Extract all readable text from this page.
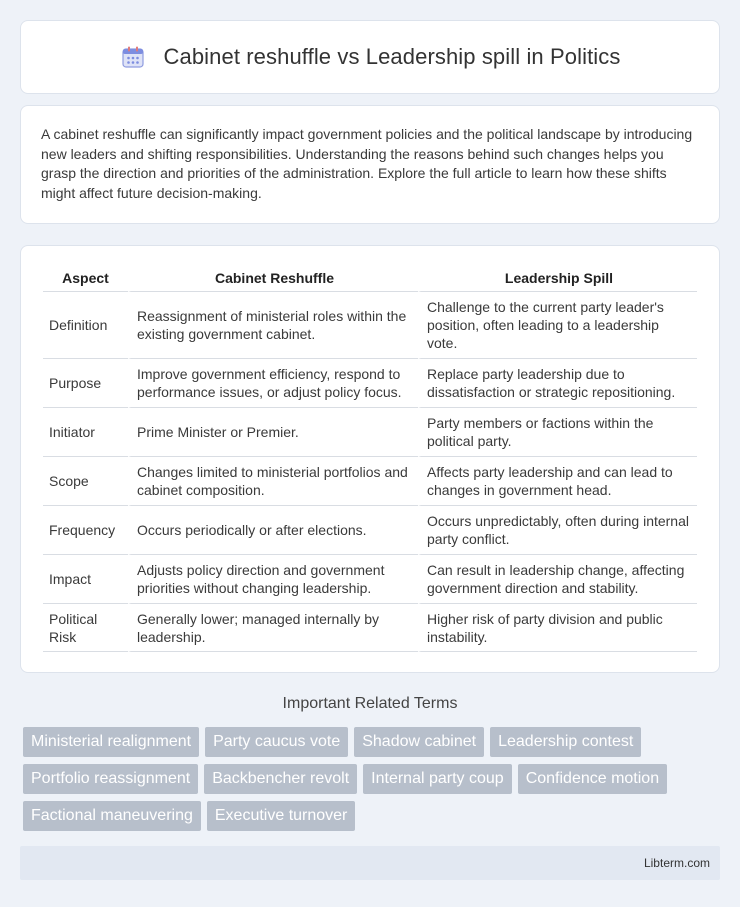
Cabinet reshuffle vs Leadership spill in Politics

A cabinet reshuffle can significantly impact government policies and the political landscape by introducing new leaders and shifting responsibilities. Understanding the reasons behind such changes helps you grasp the direction and priorities of the administration. Explore the full article to learn how these shifts might affect future decision-making.

Aspect	Cabinet Reshuffle	Leadership Spill
Definition	Reassignment of ministerial roles within the existing government cabinet.	Challenge to the current party leader's position, often leading to a leadership vote.
Purpose	Improve government efficiency, respond to performance issues, or adjust policy focus.	Replace party leadership due to dissatisfaction or strategic repositioning.
Initiator	Prime Minister or Premier.	Party members or factions within the political party.
Scope	Changes limited to ministerial portfolios and cabinet composition.	Affects party leadership and can lead to changes in government head.
Frequency	Occurs periodically or after elections.	Occurs unpredictably, often during internal party conflict.
Impact	Adjusts policy direction and government priorities without changing leadership.	Can result in leadership change, affecting government direction and stability.
Political Risk	Generally lower; managed internally by leadership.	Higher risk of party division and public instability.
Important Related Terms
Ministerial realignment	Party caucus vote	Shadow cabinet	Leadership contest
Portfolio reassignment	Backbencher revolt	Internal party coup	Confidence motion
Factional maneuvering	Executive turnover
Libterm.com
